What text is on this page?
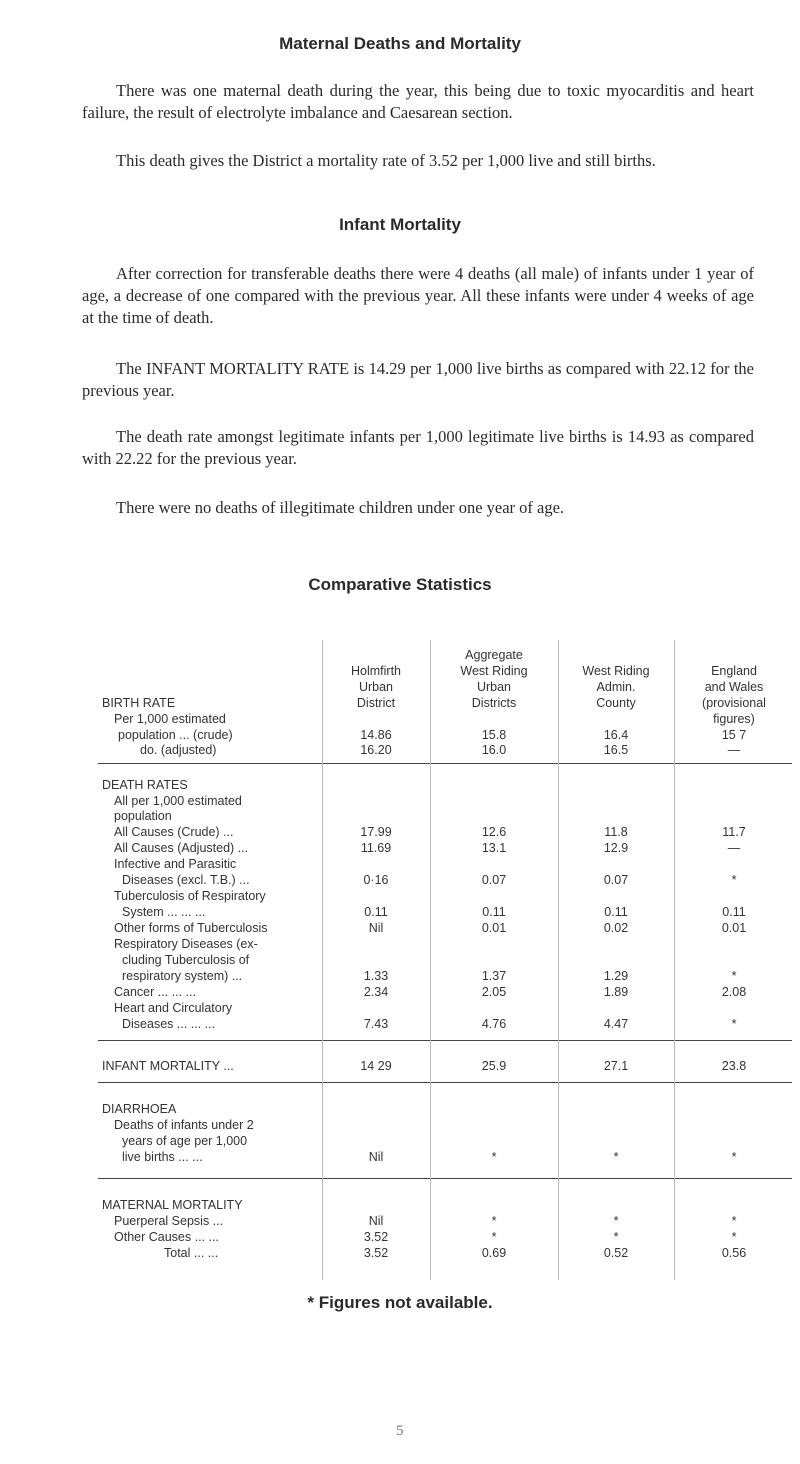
Maternal Deaths and Mortality

There was one maternal death during the year, this being due to toxic myocarditis and heart failure, the result of electrolyte imbalance and Caesarean section.

This death gives the District a mortality rate of 3.52 per 1,000 live and still births.

Infant Mortality

After correction for transferable deaths there were 4 deaths (all male) of infants under 1 year of age, a decrease of one compared with the previous year. All these infants were under 4 weeks of age at the time of death.

The INFANT MORTALITY RATE is 14.29 per 1,000 live births as compared with 22.12 for the previous year.

The death rate amongst legitimate infants per 1,000 legitimate live births is 14.93 as compared with 22.22 for the previous year.

There were no deaths of illegitimate children under one year of age.

Comparative Statistics
Aggregate
Holmfirth	West Riding	West Riding	England
Urban	Urban	Admin.	and Wales
District	Districts	County	(provisional
figures)
BIRTH RATE
Per 1,000 estimated
population ... (crude)	14.86	15.8	16.4	15 7
do. (adjusted)	16.20	16.0	16.5	—
DEATH RATES
All per 1,000 estimated
population
All Causes (Crude) ...	17.99	12.6	11.8	11.7
All Causes (Adjusted) ...	11.69	13.1	12.9	—
Infective and Parasitic
Diseases (excl. T.B.) ...	0·16	0.07	0.07	*
Tuberculosis of Respiratory
System ... ... ...	0.11	0.11	0.11	0.11
Other forms of Tuberculosis	Nil	0.01	0.02	0.01
Respiratory Diseases (ex-
cluding Tuberculosis of
respiratory system) ...	1.33	1.37	1.29	*
Cancer ... ... ...	2.34	2.05	1.89	2.08
Heart and Circulatory
Diseases ... ... ...	7.43	4.76	4.47	*
INFANT MORTALITY ...	14 29	25.9	27.1	23.8
DIARRHOEA
Deaths of infants under 2
years of age per 1,000
live births ... ...	Nil	*	*	*
MATERNAL MORTALITY
Puerperal Sepsis ...	Nil	*	*	*
Other Causes ... ...	3.52	*	*	*
Total ... ...	3.52	0.69	0.52	0.56
* Figures not available.
5
